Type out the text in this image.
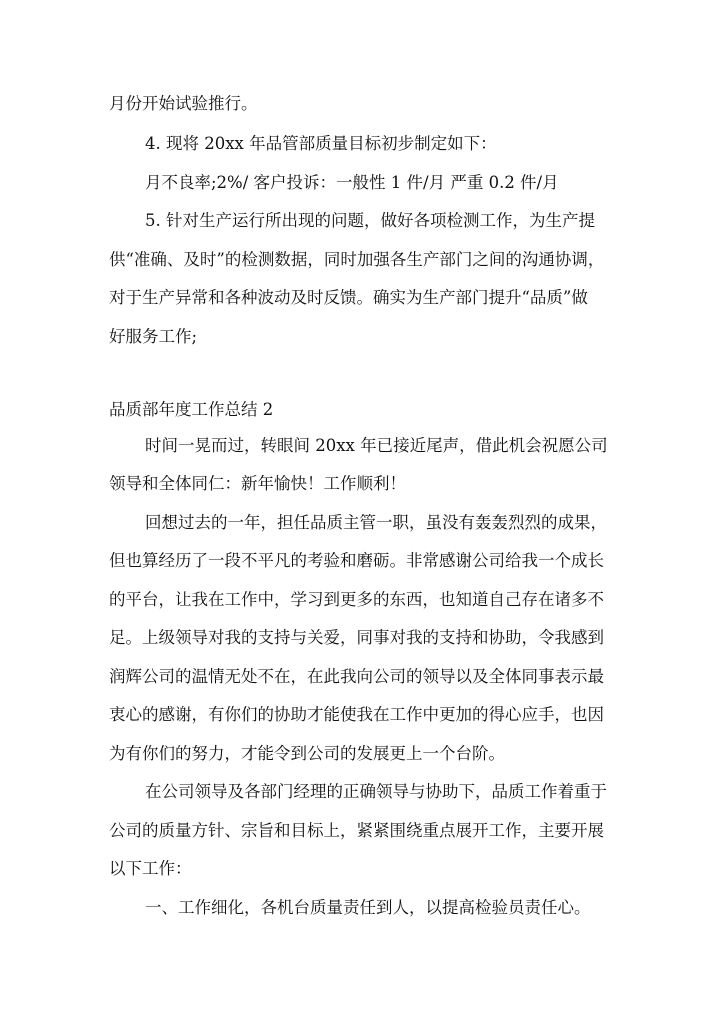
月份开始试验推行。
4. 现将 20xx 年品管部质量目标初步制定如下：
月不良率;2%/ 客户投诉：一般性 1 件/月 严重 0.2 件/月
5. 针对生产运行所出现的问题，做好各项检测工作，为生产提
供“准确、及时”的检测数据，同时加强各生产部门之间的沟通协调，
对于生产异常和各种波动及时反馈。确实为生产部门提升“品质”做
好服务工作;
品质部年度工作总结 2
时间一晃而过，转眼间 20xx 年已接近尾声，借此机会祝愿公司
领导和全体同仁：新年愉快！工作顺利！
回想过去的一年，担任品质主管一职，虽没有轰轰烈烈的成果，
但也算经历了一段不平凡的考验和磨砺。非常感谢公司给我一个成长
的平台，让我在工作中，学习到更多的东西，也知道自己存在诸多不
足。上级领导对我的支持与关爱，同事对我的支持和协助，令我感到
润辉公司的温情无处不在，在此我向公司的领导以及全体同事表示最
衷心的感谢，有你们的协助才能使我在工作中更加的得心应手，也因
为有你们的努力，才能令到公司的发展更上一个台阶。
在公司领导及各部门经理的正确领导与协助下，品质工作着重于
公司的质量方针、宗旨和目标上，紧紧围绕重点展开工作，主要开展
以下工作：
一、工作细化，各机台质量责任到人，以提高检验员责任心。
